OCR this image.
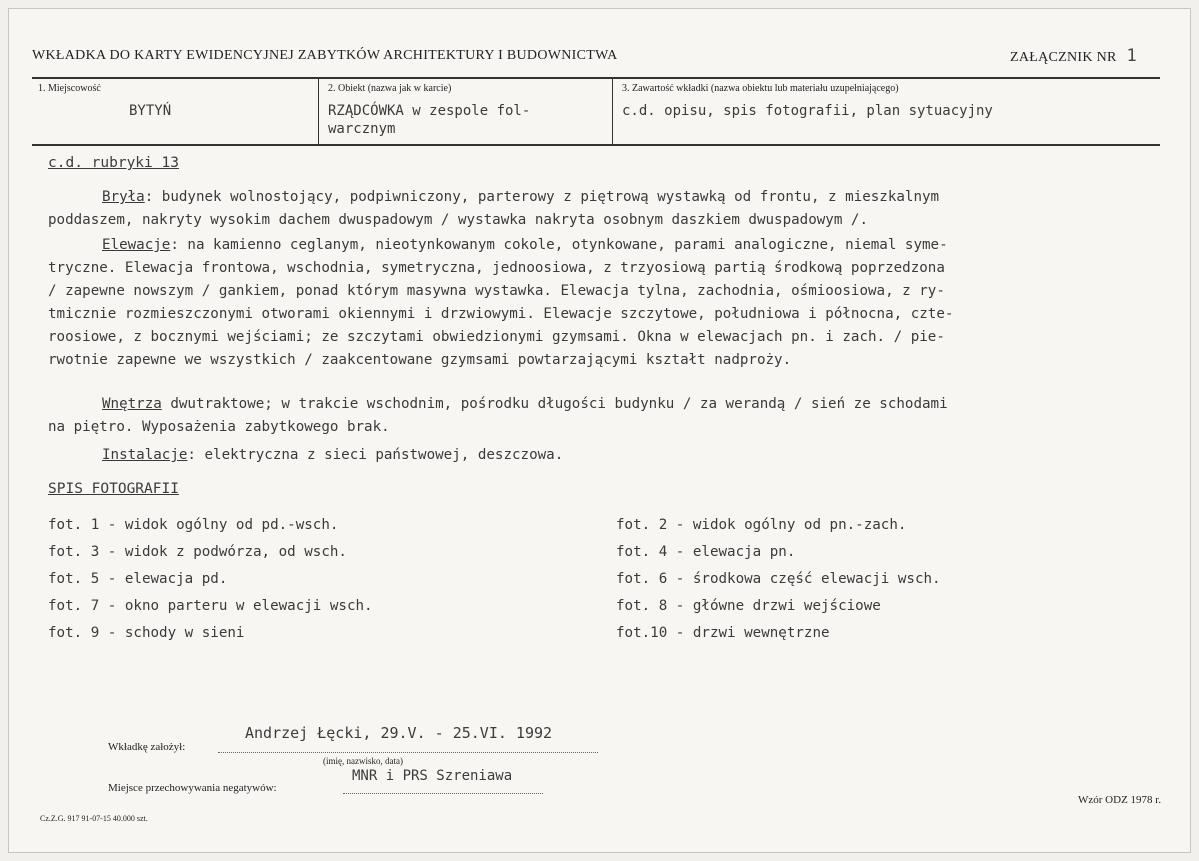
WKŁADKA DO KARTY EWIDENCYJNEJ ZABYTKÓW ARCHITEKTURY I BUDOWNICTWA	ZAŁĄCZNIK NR 1
1. Miejscowość
BYTYŃ
2. Obiekt (nazwa jak w karcie)
RZĄDCÓWKA w zespole fol-
warcznym
3. Zawartość wkładki (nazwa obiektu lub materiału uzupełniającego)
c.d. opisu, spis fotografii, plan sytuacyjny
c.d. rubryki 13
Bryła: budynek wolnostojący, podpiwniczony, parterowy z piętrową wystawką od frontu, z mieszkalnym
poddaszem, nakryty wysokim dachem dwuspadowym / wystawka nakryta osobnym daszkiem dwuspadowym /.
Elewacje: na kamienno ceglanym, nieotynkowanym cokole, otynkowane, parami analogiczne, niemal syme-
tryczne. Elewacja frontowa, wschodnia, symetryczna, jednoosiowa, z trzyosiową partią środkową poprzedzona
/ zapewne nowszym / gankiem, ponad którym masywna wystawka. Elewacja tylna, zachodnia, ośmioosiowa, z ry-
tmicznie rozmieszczonymi otworami okiennymi i drzwiowymi. Elewacje szczytowe, południowa i północna, czte-
roosiowe, z bocznymi wejściami; ze szczytami obwiedzionymi gzymsami. Okna w elewacjach pn. i zach. / pie-
rwotnie zapewne we wszystkich / zaakcentowane gzymsami powtarzającymi kształt nadproży.
Wnętrza dwutraktowe; w trakcie wschodnim, pośrodku długości budynku / za werandą / sień ze schodami
na piętro. Wyposażenia zabytkowego brak.
Instalacje: elektryczna z sieci państwowej, deszczowa.
SPIS FOTOGRAFII
fot. 1 - widok ogólny od pd.-wsch.
fot. 3 - widok z podwórza, od wsch.
fot. 5 - elewacja pd.
fot. 7 - okno parteru w elewacji wsch.
fot. 9 - schody w sieni
fot. 2 - widok ogólny od pn.-zach.
fot. 4 - elewacja pn.
fot. 6 - środkowa część elewacji wsch.
fot. 8 - główne drzwi wejściowe
fot.10 - drzwi wewnętrzne
Wkładkę założył:
Andrzej Łęcki, 29.V. - 25.VI. 1992
(imię, nazwisko, data)
Miejsce przechowywania negatywów:
MNR i PRS Szreniawa
Wzór ODZ 1978 r.
Cz.Z.G. 917 91-07-15 40.000 szt.
